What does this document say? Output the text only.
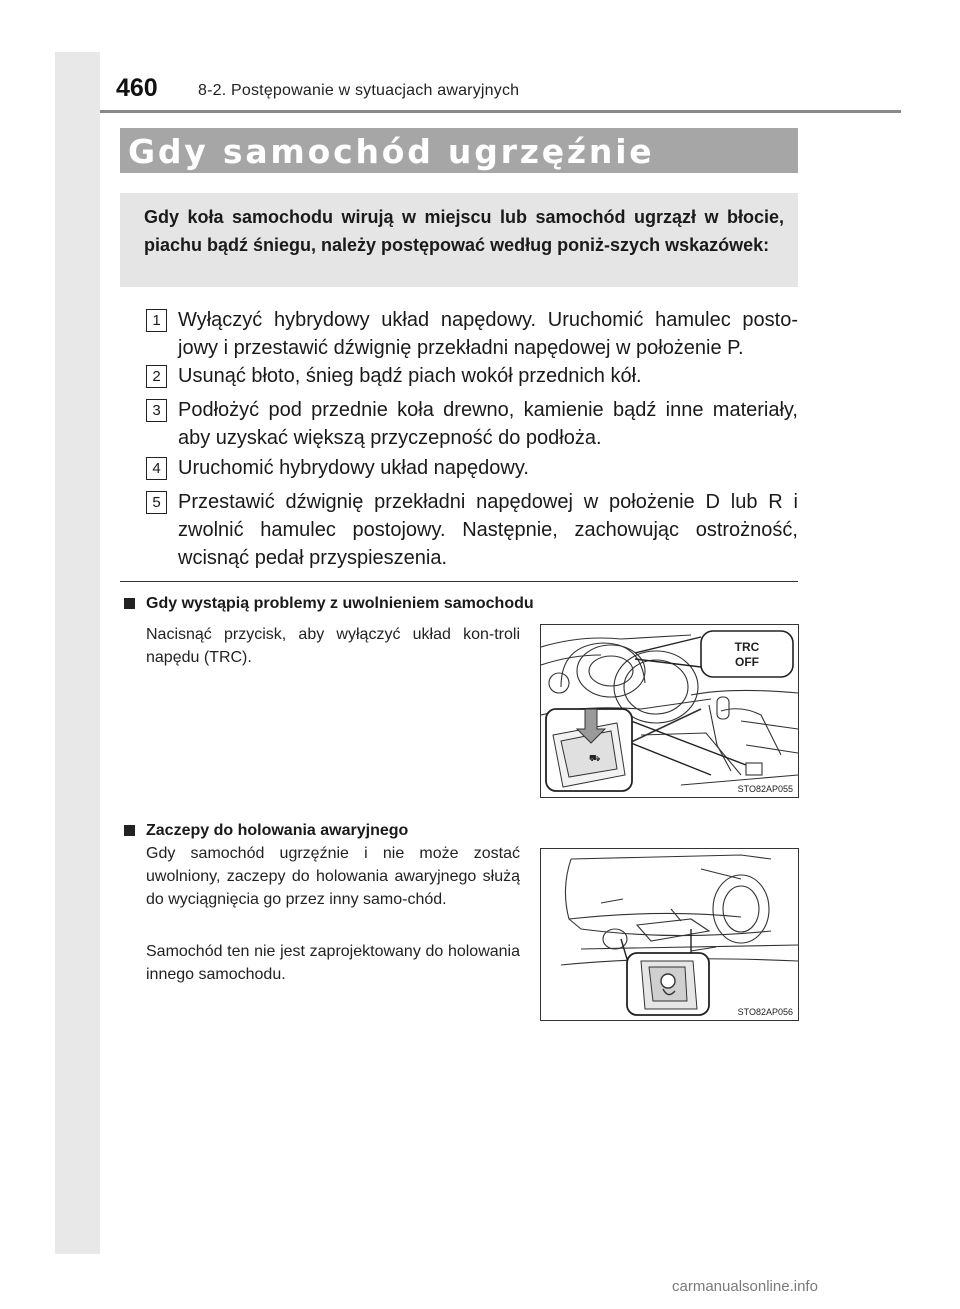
460	8-2. Postępowanie w sytuacjach awaryjnych
Gdy samochód ugrzęźnie
Gdy koła samochodu wirują w miejscu lub samochód ugrzązł w błocie, piachu bądź śniegu, należy postępować według poniż-szych wskazówek:
1 Wyłączyć hybrydowy układ napędowy. Uruchomić hamulec posto-jowy i przestawić dźwignię przekładni napędowej w położenie P.
2 Usunąć błoto, śnieg bądź piach wokół przednich kół.
3 Podłożyć pod przednie koła drewno, kamienie bądź inne materiały, aby uzyskać większą przyczepność do podłoża.
4 Uruchomić hybrydowy układ napędowy.
5 Przestawić dźwignię przekładni napędowej w położenie D lub R i zwolnić hamulec postojowy. Następnie, zachowując ostrożność, wcisnąć pedał przyspieszenia.
Gdy wystąpią problemy z uwolnieniem samochodu
Nacisnąć przycisk, aby wyłączyć układ kon-troli napędu (TRC).
TRC
OFF
⛟
STO82AP055
Zaczepy do holowania awaryjnego
Gdy samochód ugrzęźnie i nie może zostać uwolniony, zaczepy do holowania awaryjnego służą do wyciągnięcia go przez inny samo-chód.
Samochód ten nie jest zaprojektowany do holowania innego samochodu.
STO82AP056
carmanualsonline.info
